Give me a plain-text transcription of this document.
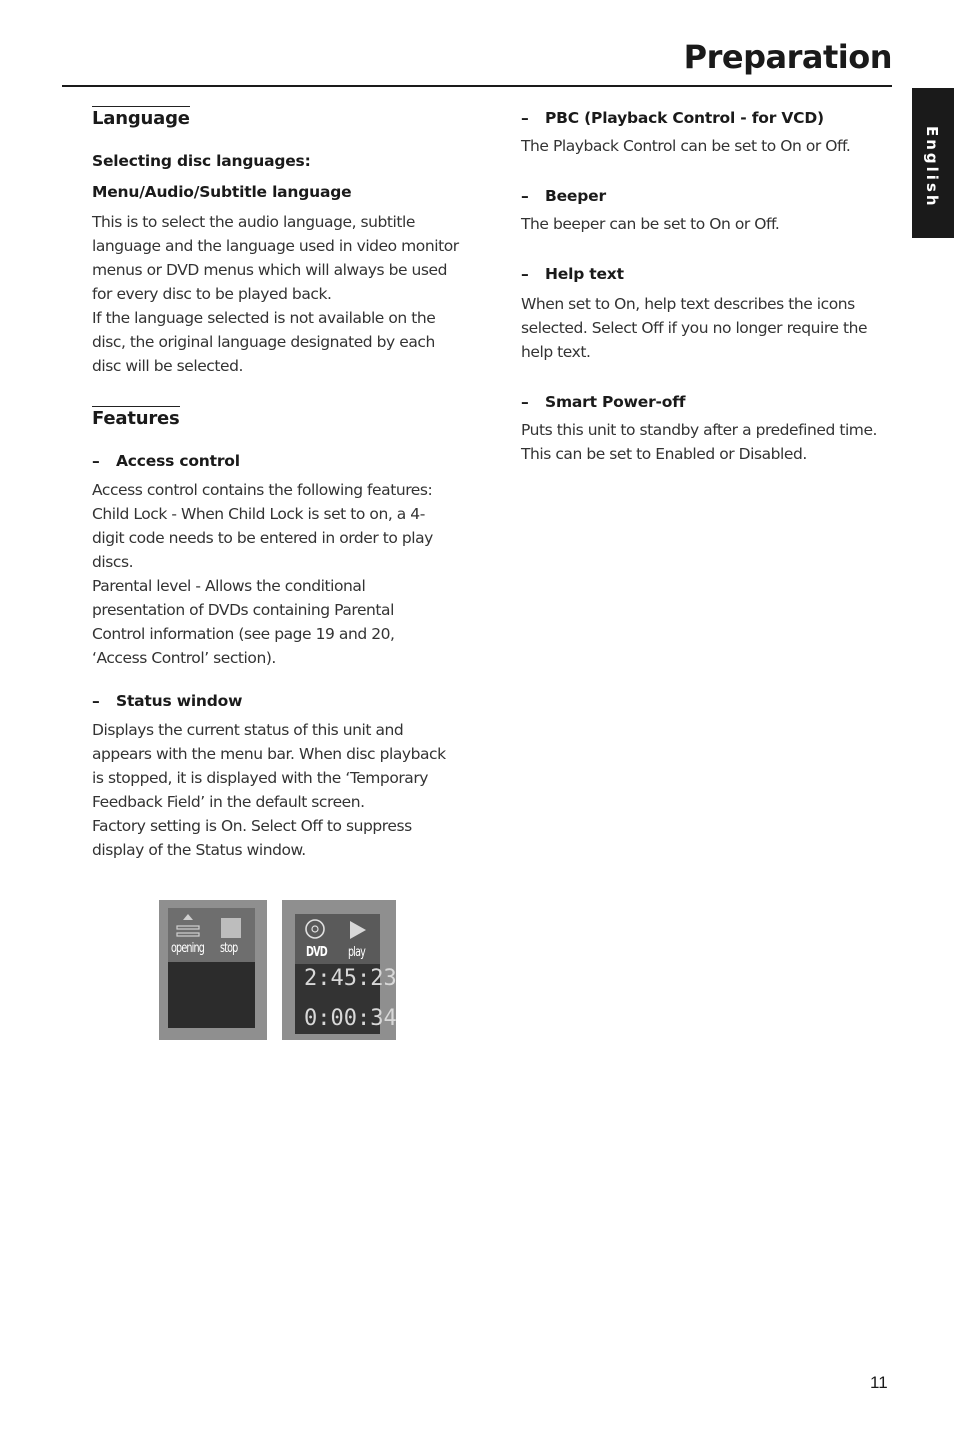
Preparation
English
Language

Selecting disc languages:

Menu/Audio/Subtitle language

This is to select the audio language, subtitle
language and the language used in video monitor
menus or DVD menus which will always be used
for every disc to be played back.
If the language selected is not available on the
disc, the original language designated by each
disc will be selected.

Features

– Access control

Access control contains the following features:
Child Lock - When Child Lock is set to on, a 4-
digit code needs to be entered in order to play
discs.
Parental level - Allows the conditional
presentation of DVDs containing Parental
Control information (see page 19 and 20,
‘Access Control’ section).

– Status window

Displays the current status of this unit and
appears with the menu bar. When disc playback
is stopped, it is displayed with the ‘Temporary
Feedback Field’ in the default screen.
Factory setting is On. Select Off to suppress
display of the Status window.

– PBC (Playback Control - for VCD)

The Playback Control can be set to On or Off.

– Beeper

The beeper can be set to On or Off.

– Help text

When set to On, help text describes the icons
selected. Select Off if you no longer require the
help text.

– Smart Power-off

Puts this unit to standby after a predefined time.
This can be set to Enabled or Disabled.

opening stop	DVD play
2:45:23
0:00:34
11
